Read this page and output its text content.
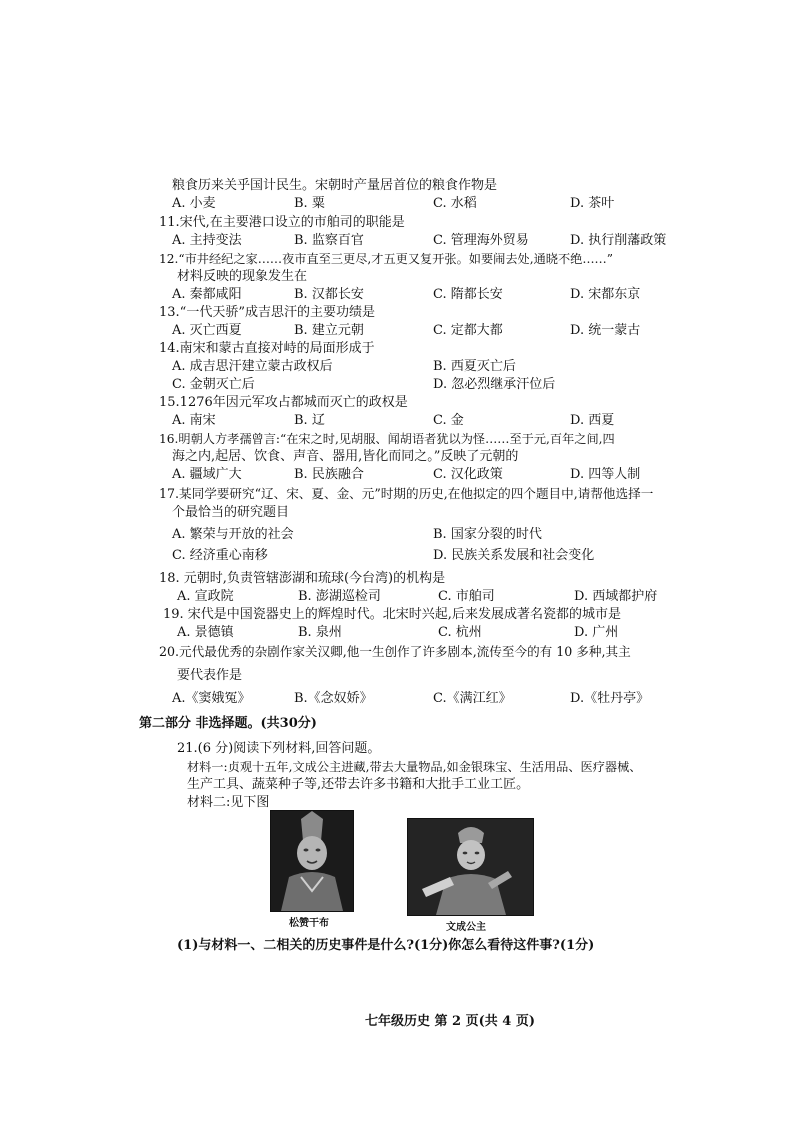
粮食历来关乎国计民生。宋朝时产量居首位的粮食作物是
A. 小麦	B. 粟	C. 水稻	D. 茶叶
11.宋代,在主要港口设立的市舶司的职能是
A. 主持变法	B. 监察百官	C. 管理海外贸易	D. 执行削藩政策
12.“市井经纪之家……夜市直至三更尽,才五更又复开张。如要闹去处,通晓不绝……”
材料反映的现象发生在
A. 秦都咸阳	B. 汉都长安	C. 隋都长安	D. 宋都东京
13.“一代天骄”成吉思汗的主要功绩是
A. 灭亡西夏	B. 建立元朝	C. 定都大都	D. 统一蒙古
14.南宋和蒙古直接对峙的局面形成于
A. 成吉思汗建立蒙古政权后	B. 西夏灭亡后
C. 金朝灭亡后	D. 忽必烈继承汗位后
15.1276年因元军攻占都城而灭亡的政权是
A. 南宋	B. 辽	C. 金	D. 西夏
16.明朝人方孝孺曾言:“在宋之时,见胡服、闻胡语者犹以为怪……至于元,百年之间,四
海之内,起居、饮食、声音、器用,皆化而同之。”反映了元朝的
A. 疆域广大	B. 民族融合	C. 汉化政策	D. 四等人制
17.某同学要研究“辽、宋、夏、金、元”时期的历史,在他拟定的四个题目中,请帮他选择一
个最恰当的研究题目
A. 繁荣与开放的社会	B. 国家分裂的时代
C. 经济重心南移	D. 民族关系发展和社会变化
18. 元朝时,负责管辖澎湖和琉球(今台湾)的机构是
A. 宣政院	B. 澎湖巡检司	C. 市舶司	D. 西域都护府
19. 宋代是中国瓷器史上的辉煌时代。北宋时兴起,后来发展成著名瓷都的城市是
A. 景德镇	B. 泉州	C. 杭州	D. 广州
20.元代最优秀的杂剧作家关汉卿,他一生创作了许多剧本,流传至今的有 10 多种,其主
要代表作是
A.《窦娥冤》	B.《念奴娇》	C.《满江红》	D.《牡丹亭》
第二部分 非选择题。(共30分)
21.(6 分)阅读下列材料,回答问题。
材料一:贞观十五年,文成公主进藏,带去大量物品,如金银珠宝、生活用品、医疗器械、
生产工具、蔬菜种子等,还带去许多书籍和大批手工业工匠。
材料二:见下图
松赞干布	文成公主
(1)与材料一、二相关的历史事件是什么?(1分)你怎么看待这件事?(1分)
七年级历史 第 2 页(共 4 页)
